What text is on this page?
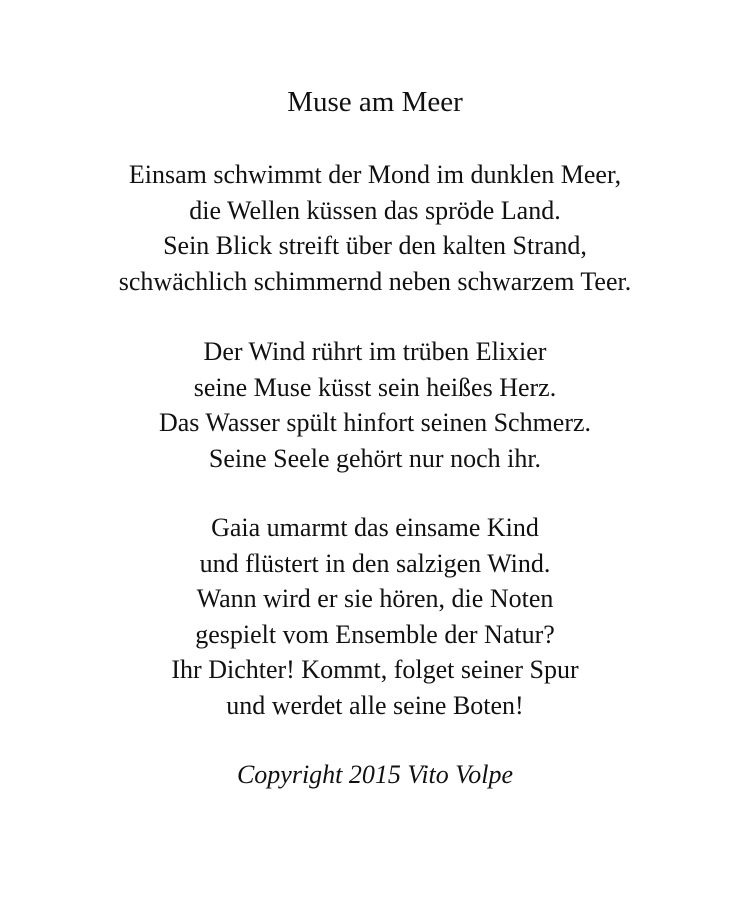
Muse am Meer
Einsam schwimmt der Mond im dunklen Meer,
die Wellen küssen das spröde Land.
Sein Blick streift über den kalten Strand,
schwächlich schimmernd neben schwarzem Teer.
Der Wind rührt im trüben Elixier
seine Muse küsst sein heißes Herz.
Das Wasser spült hinfort seinen Schmerz.
Seine Seele gehört nur noch ihr.
Gaia umarmt das einsame Kind
und flüstert in den salzigen Wind.
Wann wird er sie hören, die Noten
gespielt vom Ensemble der Natur?
Ihr Dichter! Kommt, folget seiner Spur
und werdet alle seine Boten!

Copyright 2015 Vito Volpe
